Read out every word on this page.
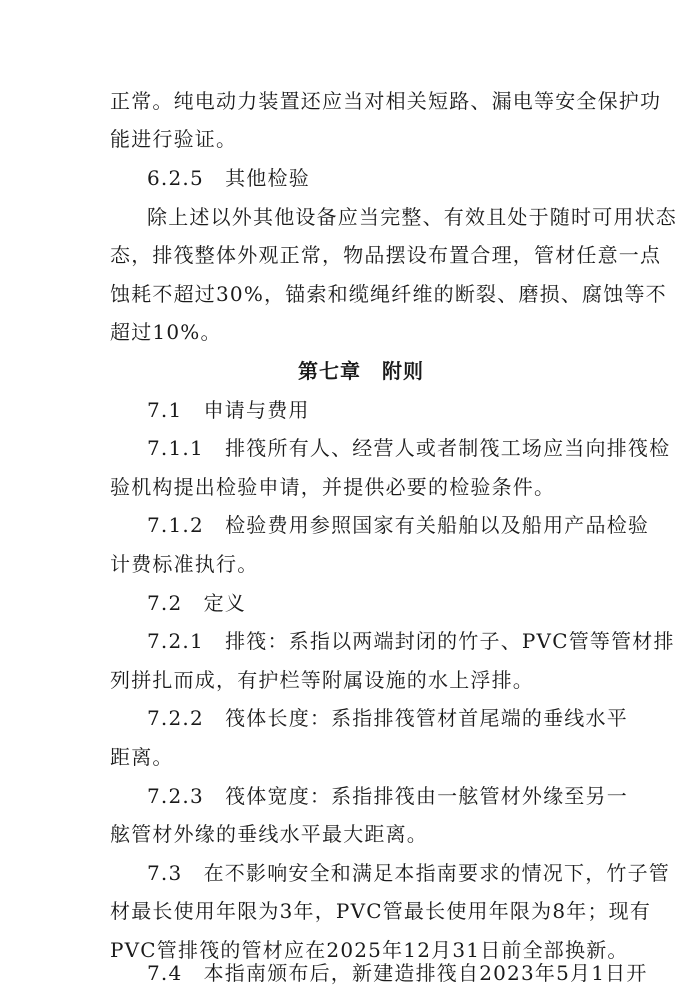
正常。纯电动力装置还应当对相关短路、漏电等安全保护功
能进行验证。
6.2.5　其他检验
除上述以外其他设备应当完整、有效且处于随时可用状态
态，排筏整体外观正常，物品摆设布置合理，管材任意一点
蚀耗不超过30%，锚索和缆绳纤维的断裂、磨损、腐蚀等不
超过10%。
第七章　附则
7.1　申请与费用
7.1.1　排筏所有人、经营人或者制筏工场应当向排筏检
验机构提出检验申请，并提供必要的检验条件。
7.1.2　检验费用参照国家有关船舶以及船用产品检验
计费标准执行。
7.2　定义
7.2.1　排筏：系指以两端封闭的竹子、PVC管等管材排
列拼扎而成，有护栏等附属设施的水上浮排。
7.2.2　筏体长度：系指排筏管材首尾端的垂线水平
距离。
7.2.3　筏体宽度：系指排筏由一舷管材外缘至另一
舷管材外缘的垂线水平最大距离。
7.3　在不影响安全和满足本指南要求的情况下，竹子管
材最长使用年限为3年，PVC管最长使用年限为8年；现有
PVC管排筏的管材应在2025年12月31日前全部换新。
7.4　本指南颁布后，新建造排筏自2023年5月1日开
